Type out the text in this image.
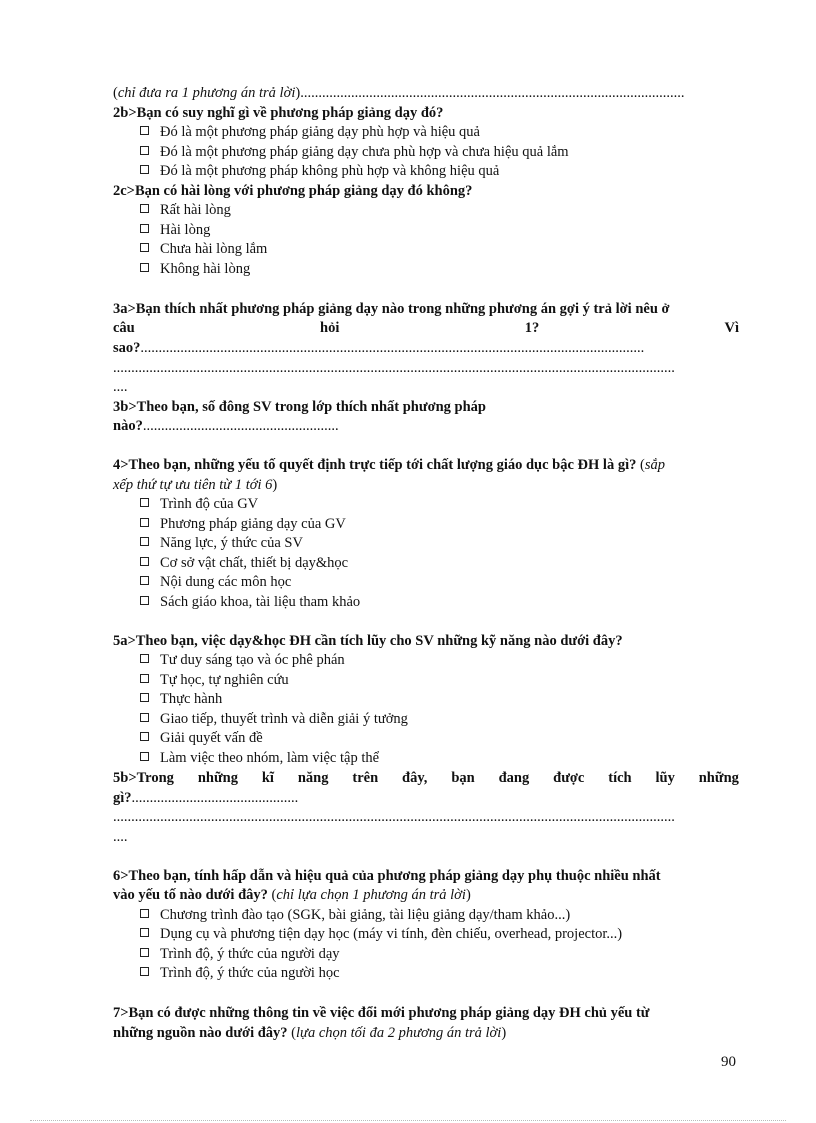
(chỉ đưa ra 1 phương án trả lời)..........................................................................................................
2b>Bạn có suy nghĩ gì về phương pháp giảng dạy đó?
Đó là một phương pháp giảng dạy phù hợp và hiệu quả
Đó là một phương pháp giảng dạy chưa phù hợp và chưa hiệu quả lắm
Đó là một phương pháp không phù hợp và không hiệu quả
2c>Bạn có hài lòng với phương pháp giảng dạy đó không?
Rất hài lòng
Hài lòng
Chưa hài lòng lắm
Không hài lòng
3a>Bạn thích nhất phương pháp giảng dạy nào trong những phương án gợi ý trả lời nêu ở
câu	hỏi	1?	Vì
sao?...........................................................................................................................................
...........................................................................................................................................................
....
3b>Theo bạn, số đông SV trong lớp thích nhất phương pháp
nào?......................................................
4>Theo bạn, những yếu tố quyết định trực tiếp tới chất lượng giáo dục bậc ĐH là gì? (sắp
xếp thứ tự ưu tiên từ 1 tới 6)
Trình độ của GV
Phương pháp giảng dạy của GV
Năng lực, ý thức của SV
Cơ sở vật chất, thiết bị dạy&học
Nội dung các môn học
Sách giáo khoa, tài liệu tham khảo
5a>Theo bạn, việc dạy&học ĐH cần tích lũy cho SV những kỹ năng nào dưới đây?
Tư duy sáng tạo và óc phê phán
Tự học, tự nghiên cứu
Thực hành
Giao tiếp, thuyết trình và diễn giải ý tưởng
Giải quyết vấn đề
Làm việc theo nhóm, làm việc tập thể
5b>Trong những kĩ năng trên đây, bạn đang được tích lũy những
gì?..............................................
...........................................................................................................................................................
....
6>Theo bạn, tính hấp dẫn và hiệu quả của phương pháp giảng dạy phụ thuộc nhiều nhất
vào yếu tố nào dưới đây? (chỉ lựa chọn 1 phương án trả lời)
Chương trình đào tạo (SGK, bài giảng, tài liệu giảng dạy/tham khảo...)
Dụng cụ và phương tiện dạy học (máy vi tính, đèn chiếu, overhead, projector...)
Trình độ, ý thức của người dạy
Trình độ, ý thức của người học
7>Bạn có được những thông tin về việc đổi mới phương pháp giảng dạy ĐH chủ yếu từ
những nguồn nào dưới đây? (lựa chọn tối đa 2 phương án trả lời)
90
